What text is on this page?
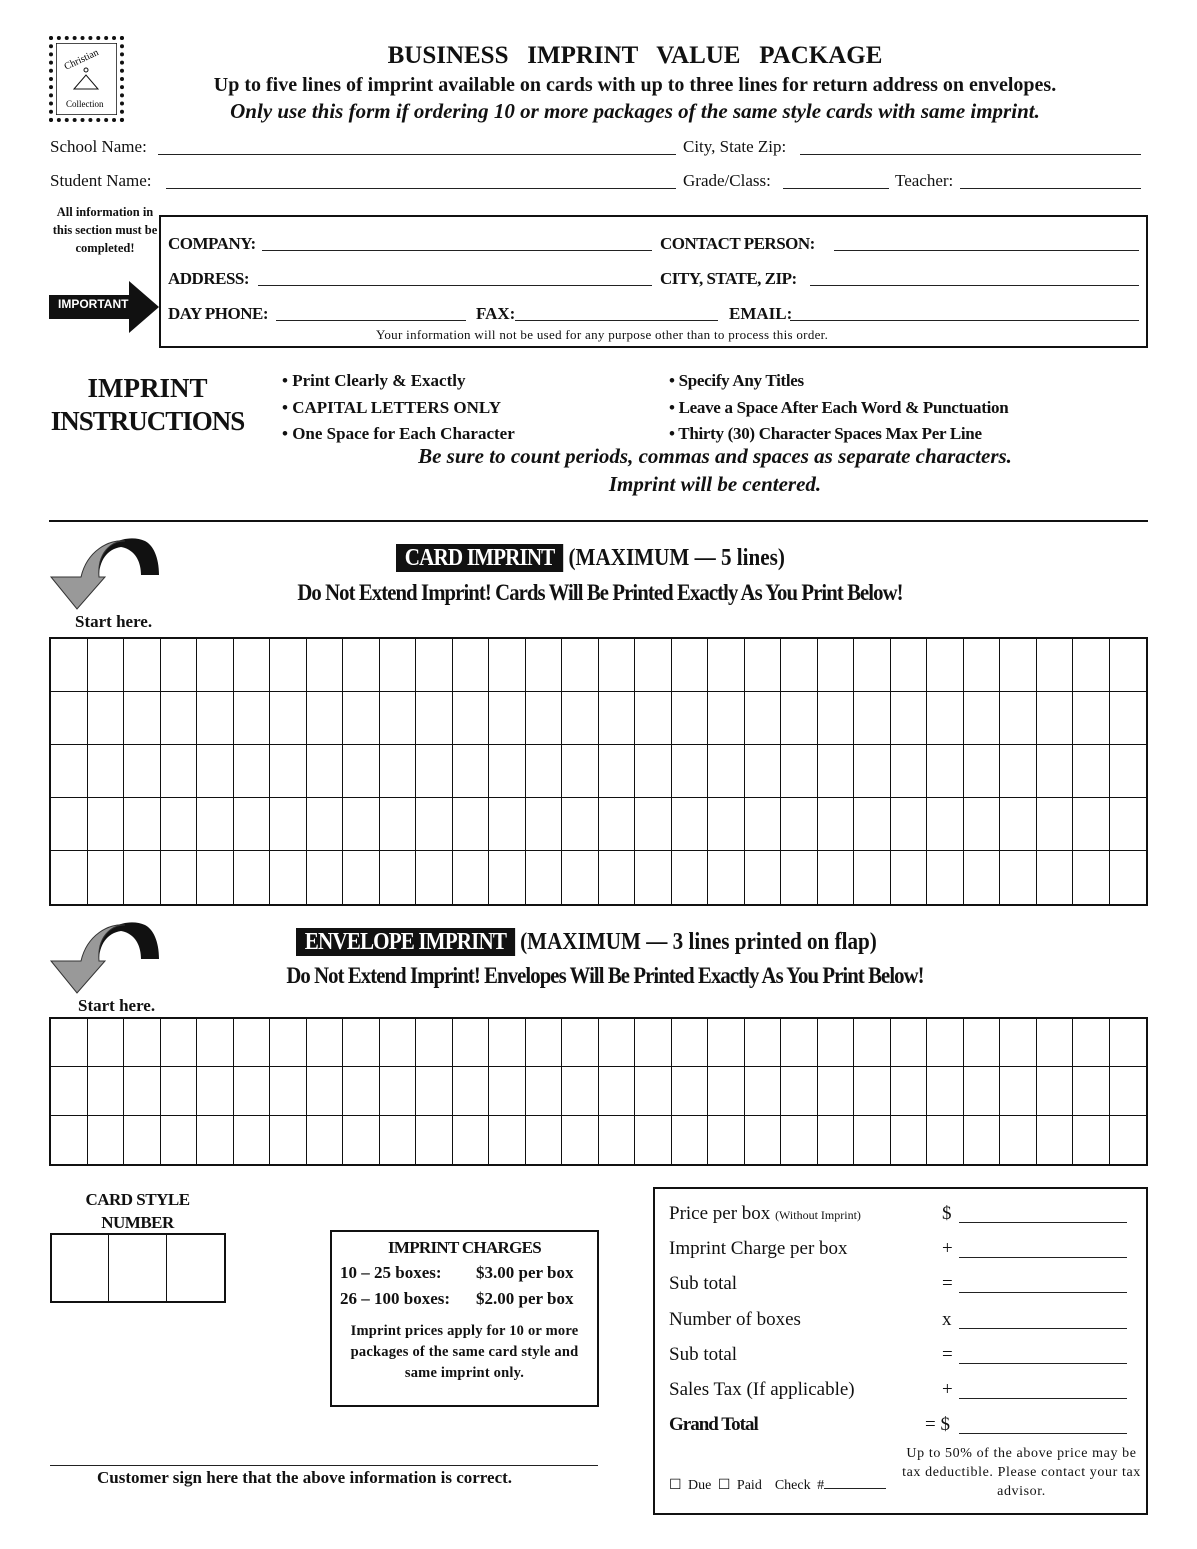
Christian
Collection
BUSINESS   IMPRINT   VALUE   PACKAGE
Up to five lines of imprint available on cards with up to three lines for return address on envelopes.
Only use this form if ordering 10 or more packages of the same style cards with same imprint.
School Name:	City, State Zip:
Student Name:	Grade/Class:	Teacher:
All information in this section must be completed!
IMPORTANT
COMPANY:	CONTACT PERSON:
ADDRESS:	CITY, STATE, ZIP:
DAY PHONE:	FAX:	EMAIL:
Your information will not be used for any purpose other than to process this order.
IMPRINT
INSTRUCTIONS
• Print Clearly & Exactly
• CAPITAL LETTERS ONLY
• One Space for Each Character
• Specify Any Titles
• Leave a Space After Each Word & Punctuation
• Thirty (30) Character Spaces Max Per Line
Be sure to count periods, commas and spaces as separate characters.
Imprint will be centered.
Start here.
CARD IMPRINT (MAXIMUM — 5 lines)
Do Not Extend Imprint! Cards Will Be Printed Exactly As You Print Below!
Start here.
ENVELOPE IMPRINT (MAXIMUM — 3 lines printed on flap)
Do Not Extend Imprint! Envelopes Will Be Printed Exactly As You Print Below!
CARD STYLE
NUMBER
IMPRINT CHARGES
10 – 25 boxes:	$3.00 per box
26 – 100 boxes:	$2.00 per box
Imprint prices apply for 10 or more packages of the same card style and same imprint only.
Customer sign here that the above information is correct.
Price per box (Without Imprint)	$
Imprint Charge per box	+
Sub total	=
Number of boxes	x
Sub total	=
Sales Tax (If applicable)	+
Grand Total	= $
☐ Due ☐ Paid Check #
Up to 50% of the above price may be tax deductible. Please contact your tax advisor.
